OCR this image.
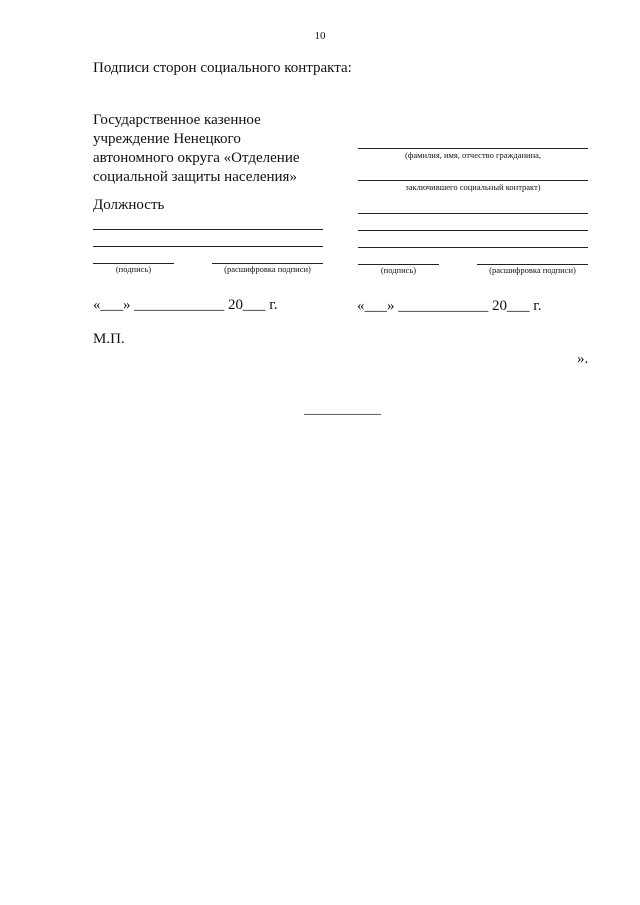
10
Подписи сторон социального контракта:
Государственное казенное
учреждение Ненецкого
автономного округа «Отделение
социальной защиты населения»
Должность
(подпись)	(расшифровка подписи)
(фамилия, имя, отчество гражданина,
заключившего социальный контракт)
(подпись)	(расшифровка подписи)
«___» ____________ 20___ г.	«___» ____________ 20___ г.
М.П.
».
___________
